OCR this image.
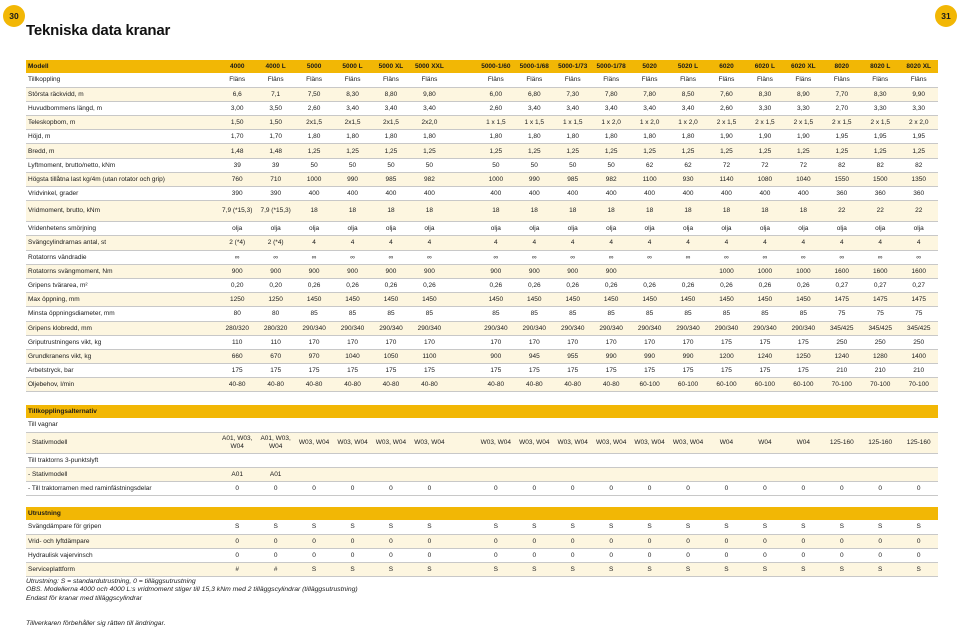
30	31
Tekniska data kranar
Modell	4000	4000 L	5000	5000 L	5000 XL	5000 XXL		5000-1/60	5000-1/68	5000-1/73	5000-1/78	5020	5020 L	6020	6020 L	6020 XL	8020	8020 L	8020 XL
Tillkoppling	Fläns	Fläns	Fläns	Fläns	Fläns	Fläns		Fläns	Fläns	Fläns	Fläns	Fläns	Fläns	Fläns	Fläns	Fläns	Fläns	Fläns	Fläns
Största räckvidd, m	6,6	7,1	7,50	8,30	8,80	9,80		6,00	6,80	7,30	7,80	7,80	8,50	7,60	8,30	8,90	7,70	8,30	9,90
Huvudbommens längd, m	3,00	3,50	2,60	3,40	3,40	3,40		2,60	3,40	3,40	3,40	3,40	3,40	2,60	3,30	3,30	2,70	3,30	3,30
Teleskopbom, m	1,50	1,50	2x1,5	2x1,5	2x1,5	2x2,0		1 x 1,5	1 x 1,5	1 x 1,5	1 x 2,0	1 x 2,0	1 x 2,0	2 x 1,5	2 x 1,5	2 x 1,5	2 x 1,5	2 x 1,5	2 x 2,0
Höjd, m	1,70	1,70	1,80	1,80	1,80	1,80		1,80	1,80	1,80	1,80	1,80	1,80	1,90	1,90	1,90	1,95	1,95	1,95
Bredd, m	1,48	1,48	1,25	1,25	1,25	1,25		1,25	1,25	1,25	1,25	1,25	1,25	1,25	1,25	1,25	1,25	1,25	1,25
Lyftmoment, brutto/netto, kNm	39	39	50	50	50	50		50	50	50	50	62	62	72	72	72	82	82	82
Högsta tillåtna last kg/4m (utan rotator och grip)	760	710	1000	990	985	982		1000	990	985	982	1100	930	1140	1080	1040	1550	1500	1350
Vridvinkel, grader	390	390	400	400	400	400		400	400	400	400	400	400	400	400	400	360	360	360
Vridmoment, brutto, kNm	7,9 (*15,3)	7,9 (*15,3)	18	18	18	18		18	18	18	18	18	18	18	18	18	22	22	22
Vridenhetens smörjning	olja	olja	olja	olja	olja	olja		olja	olja	olja	olja	olja	olja	olja	olja	olja	olja	olja	olja
Svängcylindrarnas antal, st	2 (*4)	2 (*4)	4	4	4	4		4	4	4	4	4	4	4	4	4	4	4	4
Rotatorns vändradie	∞	∞	∞	∞	∞	∞		∞	∞	∞	∞	∞	∞	∞	∞	∞	∞	∞	∞
Rotatorns svängmoment, Nm	900	900	900	900	900	900		900	900	900	900			1000	1000	1000	1600	1600	1600
Gripens tvärarea, m²	0,20	0,20	0,26	0,26	0,26	0,26		0,26	0,26	0,26	0,26	0,26	0,26	0,26	0,26	0,26	0,27	0,27	0,27
Max öppning, mm	1250	1250	1450	1450	1450	1450		1450	1450	1450	1450	1450	1450	1450	1450	1450	1475	1475	1475
Minsta öppningsdiameter, mm	80	80	85	85	85	85		85	85	85	85	85	85	85	85	85	75	75	75
Gripens klobredd, mm	280/320	280/320	290/340	290/340	290/340	290/340		290/340	290/340	290/340	290/340	290/340	290/340	290/340	290/340	290/340	345/425	345/425	345/425
Griputrustningens vikt, kg	110	110	170	170	170	170		170	170	170	170	170	170	175	175	175	250	250	250
Grundkranens vikt, kg	660	670	970	1040	1050	1100		900	945	955	990	990	990	1200	1240	1250	1240	1280	1400
Arbetstryck, bar	175	175	175	175	175	175		175	175	175	175	175	175	175	175	175	210	210	210
Oljebehov, l/min	40-80	40-80	40-80	40-80	40-80	40-80		40-80	40-80	40-80	40-80	60-100	60-100	60-100	60-100	60-100	70-100	70-100	70-100
Tillkopplingsalternativ																			
Till vagnar																			
- Stativmodell	A01, W03, W04	A01, W03, W04	W03, W04	W03, W04	W03, W04	W03, W04		W03, W04	W03, W04	W03, W04	W03, W04	W03, W04	W03, W04	W04	W04	W04	125-160	125-160	125-160
Till traktorns 3-punktslyft																			
- Stativmodell	A01	A01																	
- Till traktorramen med raminfästningsdelar	0	0	0	0	0	0		0	0	0	0	0	0	0	0	0	0	0	0
Utrustning																			
Svängdämpare för gripen	S	S	S	S	S	S		S	S	S	S	S	S	S	S	S	S	S	S
Vrid- och lyftdämpare	0	0	0	0	0	0		0	0	0	0	0	0	0	0	0	0	0	0
Hydraulisk vajervinsch	0	0	0	0	0	0		0	0	0	0	0	0	0	0	0	0	0	0
Serviceplattform	#	#	S	S	S	S		S	S	S	S	S	S	S	S	S	S	S	S
Utrustning: S = standardutrustning, 0 = tilläggsutrustning
OBS. Modellerna 4000 och 4000 L:s vridmoment stiger till 15,3 kNm med 2 tilläggscylindrar (tilläggsutrustning)
Endast för kranar med tilläggscylindrar
Tillverkaren förbehåller sig rätten till ändringar.
